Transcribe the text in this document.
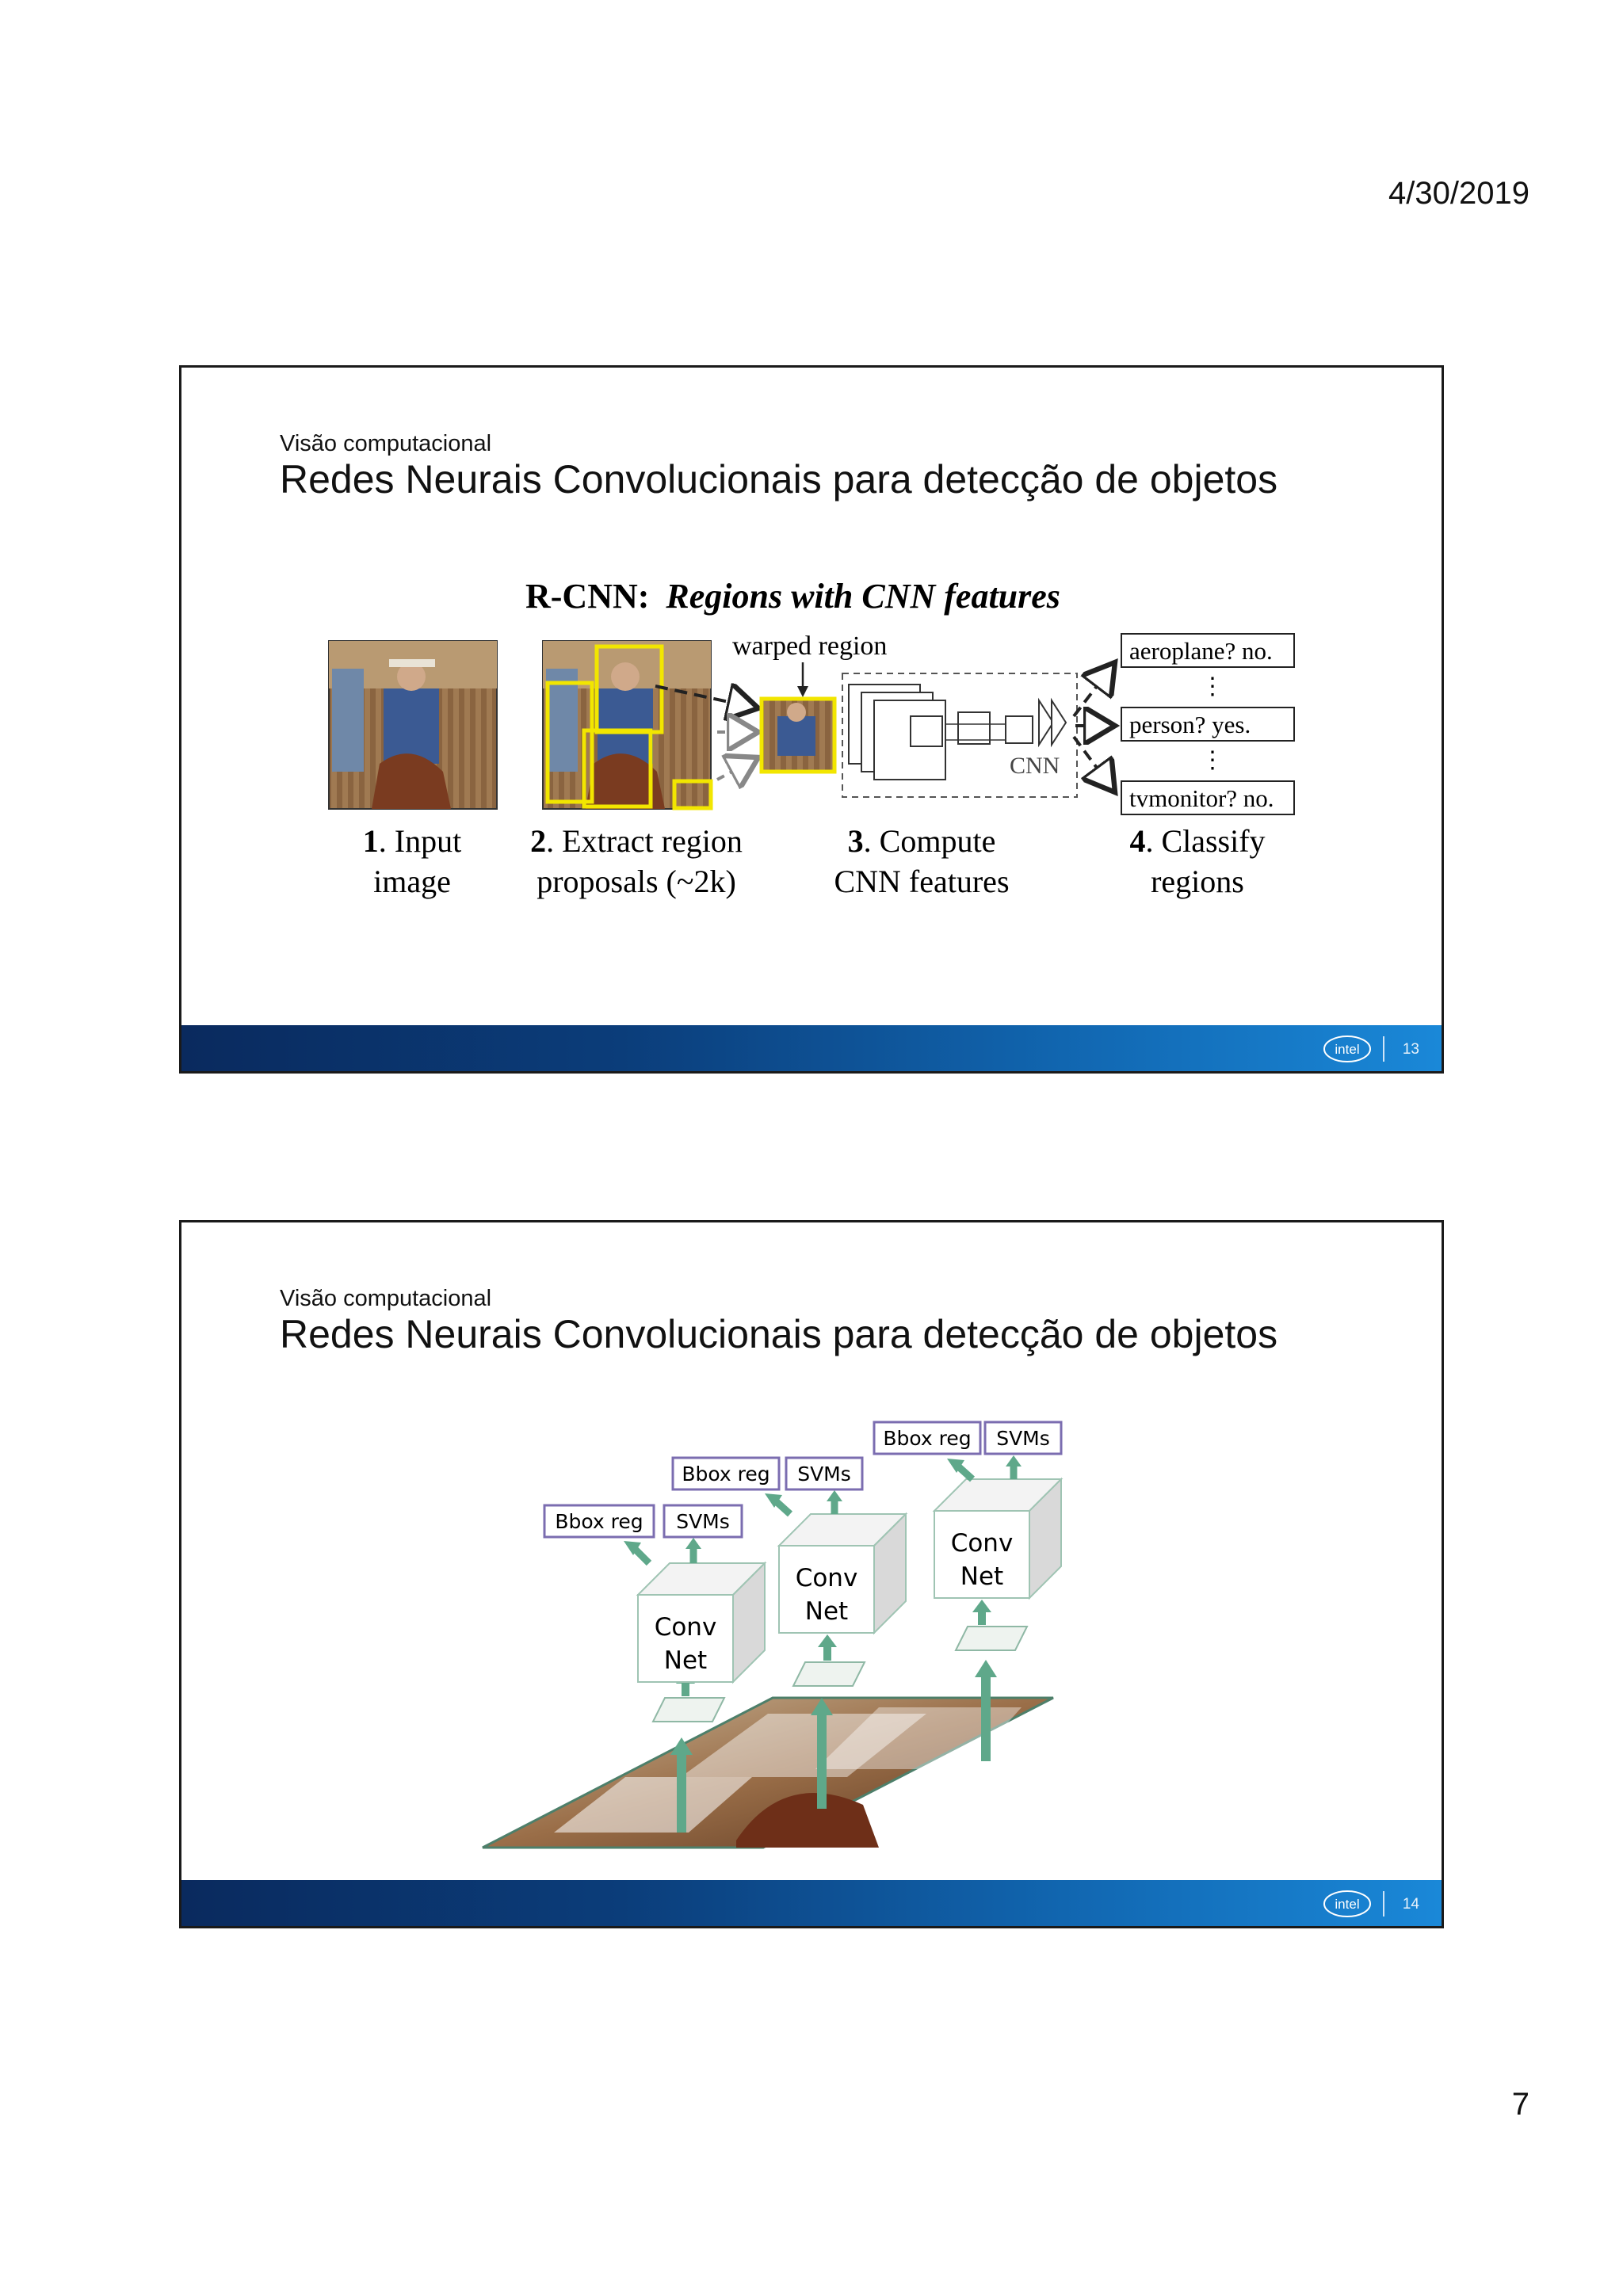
4/30/2019
Visão computacional
Redes Neurais Convolucionais para detecção de objetos
R-CNN: Regions with CNN features
warped region
CNN
aeroplane? no.
⋮
person? yes.
⋮
tvmonitor? no.
1. Input
image
2. Extract region
proposals (~2k)
3. Compute
CNN features
4. Classify
regions
intel	13
Visão computacional
Redes Neurais Convolucionais para detecção de objetos
Conv
Net
Bbox reg SVMs
Conv
Net
Bbox reg SVMs
Conv
Net
Bbox reg SVMs
intel	14
7
